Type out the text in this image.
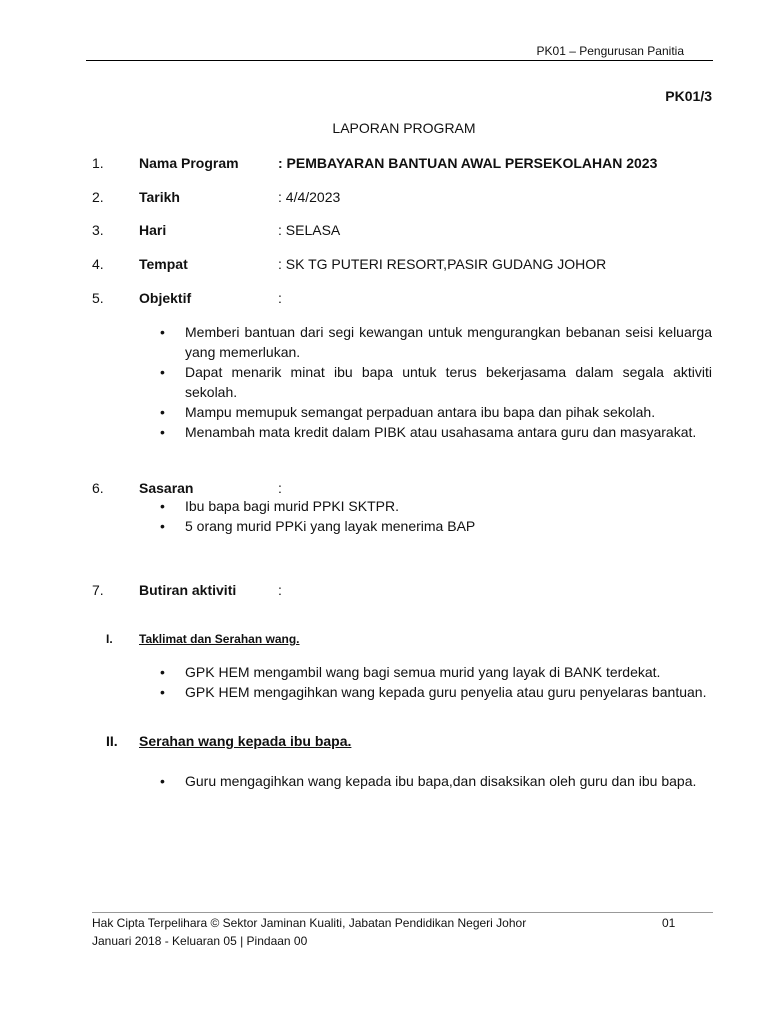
PK01 – Pengurusan Panitia
PK01/3
LAPORAN PROGRAM
1.	Nama Program	: PEMBAYARAN BANTUAN AWAL PERSEKOLAHAN 2023
2.	Tarikh	: 4/4/2023
3.	Hari	: SELASA
4.	Tempat	: SK TG PUTERI RESORT,PASIR GUDANG JOHOR
5.	Objektif	:
• Memberi bantuan dari segi kewangan untuk mengurangkan bebanan seisi keluarga yang memerlukan.
• Dapat menarik minat ibu bapa untuk terus bekerjasama dalam segala aktiviti sekolah.
• Mampu memupuk semangat perpaduan antara ibu bapa dan pihak sekolah.
• Menambah mata kredit dalam PIBK atau usahasama antara guru dan masyarakat.
6.	Sasaran	:
• Ibu bapa bagi murid PPKI SKTPR.
• 5 orang murid PPKi yang layak menerima BAP
7.	Butiran aktiviti	:
I. Taklimat dan Serahan wang.
• GPK HEM mengambil wang bagi semua murid yang layak di BANK terdekat.
• GPK HEM mengagihkan wang kepada guru penyelia atau guru penyelaras bantuan.
II. Serahan wang kepada ibu bapa.
• Guru mengagihkan wang kepada ibu bapa,dan disaksikan oleh guru dan ibu bapa.
Hak Cipta Terpelihara © Sektor Jaminan Kualiti, Jabatan Pendidikan Negeri Johor	01
Januari 2018 - Keluaran 05 | Pindaan 00
